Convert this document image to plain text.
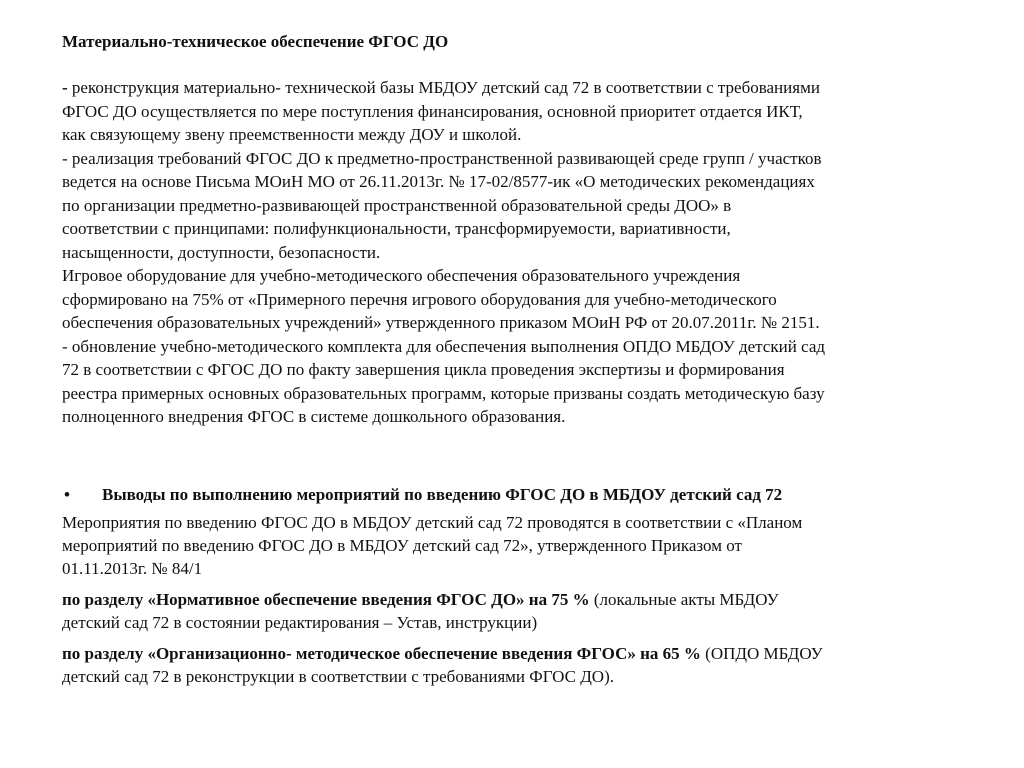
Материально-техническое обеспечение ФГОС ДО
- реконструкция материально- технической базы МБДОУ детский сад 72 в соответствии с требованиями
ФГОС ДО осуществляется по мере поступления финансирования, основной приоритет отдается ИКТ,
как связующему звену преемственности между ДОУ и школой.
- реализация требований ФГОС ДО к предметно-пространственной развивающей среде групп / участков
ведется на основе Письма МОиН МО от 26.11.2013г. № 17-02/8577-ик «О методических рекомендациях
по организации предметно-развивающей пространственной образовательной среды ДОО» в
соответствии с принципами: полифункциональности, трансформируемости, вариативности,
насыщенности, доступности, безопасности.
Игровое оборудование для учебно-методического обеспечения образовательного учреждения
сформировано на 75% от «Примерного перечня игрового оборудования для учебно-методического
обеспечения образовательных учреждений» утвержденного приказом МОиН РФ от 20.07.2011г. № 2151.
- обновление учебно-методического комплекта для обеспечения выполнения ОПДО МБДОУ детский сад
72 в соответствии с ФГОС ДО по факту завершения цикла проведения экспертизы и формирования
реестра примерных основных образовательных программ, которые призваны создать методическую базу
полноценного внедрения ФГОС в системе дошкольного образования.
•	Выводы по выполнению мероприятий по введению ФГОС ДО в МБДОУ детский сад 72
Мероприятия по введению ФГОС ДО в МБДОУ детский сад 72 проводятся в соответствии с «Планом
мероприятий по введению ФГОС ДО в МБДОУ детский сад 72», утвержденного Приказом от
01.11.2013г. № 84/1
по разделу «Нормативное обеспечение введения ФГОС ДО» на 75 % (локальные акты МБДОУ
детский сад 72 в состоянии редактирования – Устав, инструкции)
по разделу «Организационно- методическое обеспечение введения ФГОС» на 65 % (ОПДО МБДОУ
детский сад 72 в реконструкции в соответствии с требованиями ФГОС ДО).
